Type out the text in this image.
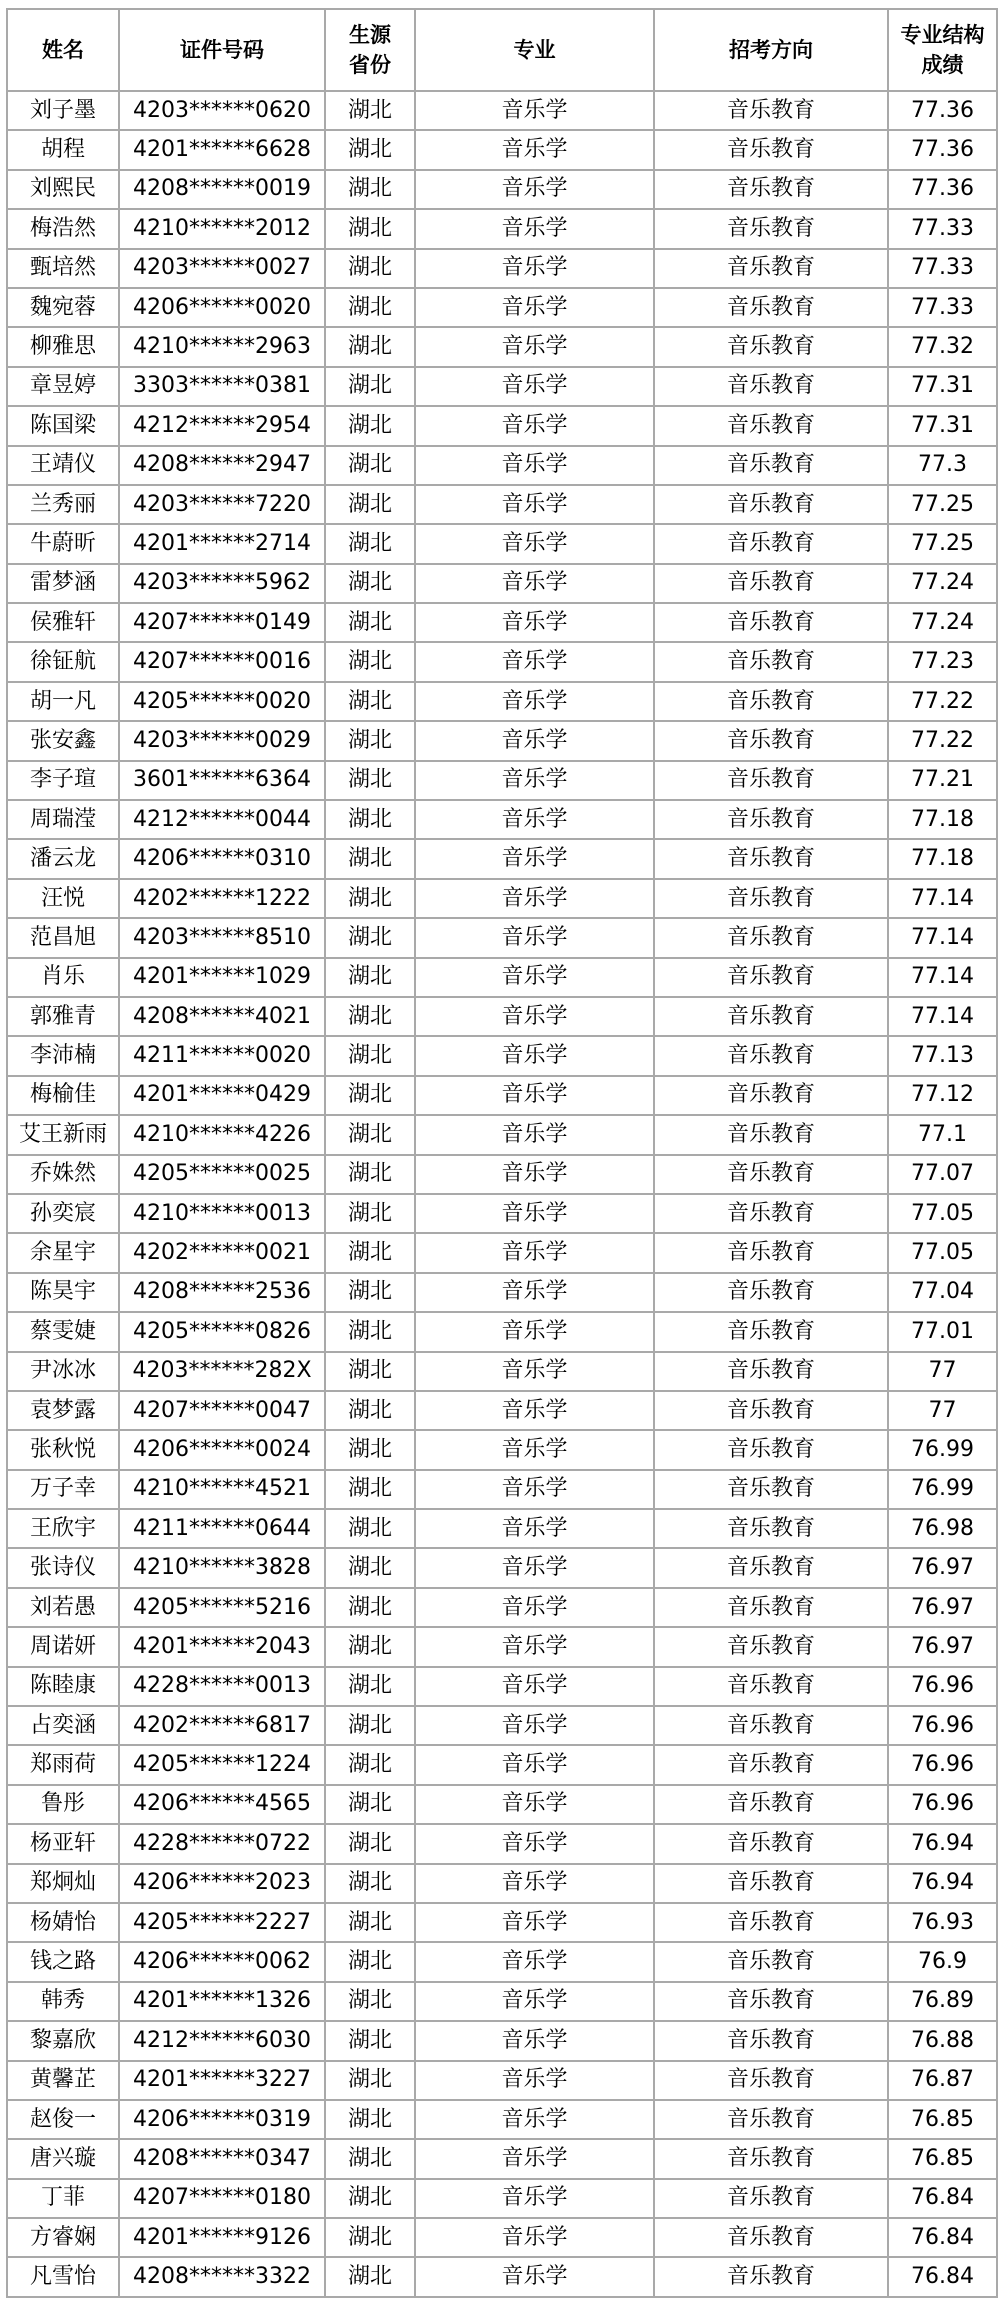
姓名	证件号码	生源省份	专业	招考方向	专业结构成绩
刘子墨	4203******0620	湖北	音乐学	音乐教育	77.36
胡程	4201******6628	湖北	音乐学	音乐教育	77.36
刘熙民	4208******0019	湖北	音乐学	音乐教育	77.36
梅浩然	4210******2012	湖北	音乐学	音乐教育	77.33
甄培然	4203******0027	湖北	音乐学	音乐教育	77.33
魏宛蓉	4206******0020	湖北	音乐学	音乐教育	77.33
柳雅思	4210******2963	湖北	音乐学	音乐教育	77.32
章昱婷	3303******0381	湖北	音乐学	音乐教育	77.31
陈国梁	4212******2954	湖北	音乐学	音乐教育	77.31
王靖仪	4208******2947	湖北	音乐学	音乐教育	77.3
兰秀丽	4203******7220	湖北	音乐学	音乐教育	77.25
牛蔚昕	4201******2714	湖北	音乐学	音乐教育	77.25
雷梦涵	4203******5962	湖北	音乐学	音乐教育	77.24
侯雅轩	4207******0149	湖北	音乐学	音乐教育	77.24
徐钲航	4207******0016	湖北	音乐学	音乐教育	77.23
胡一凡	4205******0020	湖北	音乐学	音乐教育	77.22
张安鑫	4203******0029	湖北	音乐学	音乐教育	77.22
李子瑄	3601******6364	湖北	音乐学	音乐教育	77.21
周瑞滢	4212******0044	湖北	音乐学	音乐教育	77.18
潘云龙	4206******0310	湖北	音乐学	音乐教育	77.18
汪悦	4202******1222	湖北	音乐学	音乐教育	77.14
范昌旭	4203******8510	湖北	音乐学	音乐教育	77.14
肖乐	4201******1029	湖北	音乐学	音乐教育	77.14
郭雅青	4208******4021	湖北	音乐学	音乐教育	77.14
李沛楠	4211******0020	湖北	音乐学	音乐教育	77.13
梅榆佳	4201******0429	湖北	音乐学	音乐教育	77.12
艾王新雨	4210******4226	湖北	音乐学	音乐教育	77.1
乔姝然	4205******0025	湖北	音乐学	音乐教育	77.07
孙奕宸	4210******0013	湖北	音乐学	音乐教育	77.05
余星宇	4202******0021	湖北	音乐学	音乐教育	77.05
陈昊宇	4208******2536	湖北	音乐学	音乐教育	77.04
蔡雯婕	4205******0826	湖北	音乐学	音乐教育	77.01
尹冰冰	4203******282X	湖北	音乐学	音乐教育	77
袁梦露	4207******0047	湖北	音乐学	音乐教育	77
张秋悦	4206******0024	湖北	音乐学	音乐教育	76.99
万子幸	4210******4521	湖北	音乐学	音乐教育	76.99
王欣宇	4211******0644	湖北	音乐学	音乐教育	76.98
张诗仪	4210******3828	湖北	音乐学	音乐教育	76.97
刘若愚	4205******5216	湖北	音乐学	音乐教育	76.97
周诺妍	4201******2043	湖北	音乐学	音乐教育	76.97
陈睦康	4228******0013	湖北	音乐学	音乐教育	76.96
占奕涵	4202******6817	湖北	音乐学	音乐教育	76.96
郑雨荷	4205******1224	湖北	音乐学	音乐教育	76.96
鲁彤	4206******4565	湖北	音乐学	音乐教育	76.96
杨亚轩	4228******0722	湖北	音乐学	音乐教育	76.94
郑炯灿	4206******2023	湖北	音乐学	音乐教育	76.94
杨婧怡	4205******2227	湖北	音乐学	音乐教育	76.93
钱之路	4206******0062	湖北	音乐学	音乐教育	76.9
韩秀	4201******1326	湖北	音乐学	音乐教育	76.89
黎嘉欣	4212******6030	湖北	音乐学	音乐教育	76.88
黄馨芷	4201******3227	湖北	音乐学	音乐教育	76.87
赵俊一	4206******0319	湖北	音乐学	音乐教育	76.85
唐兴璇	4208******0347	湖北	音乐学	音乐教育	76.85
丁菲	4207******0180	湖北	音乐学	音乐教育	76.84
方睿娴	4201******9126	湖北	音乐学	音乐教育	76.84
凡雪怡	4208******3322	湖北	音乐学	音乐教育	76.84
